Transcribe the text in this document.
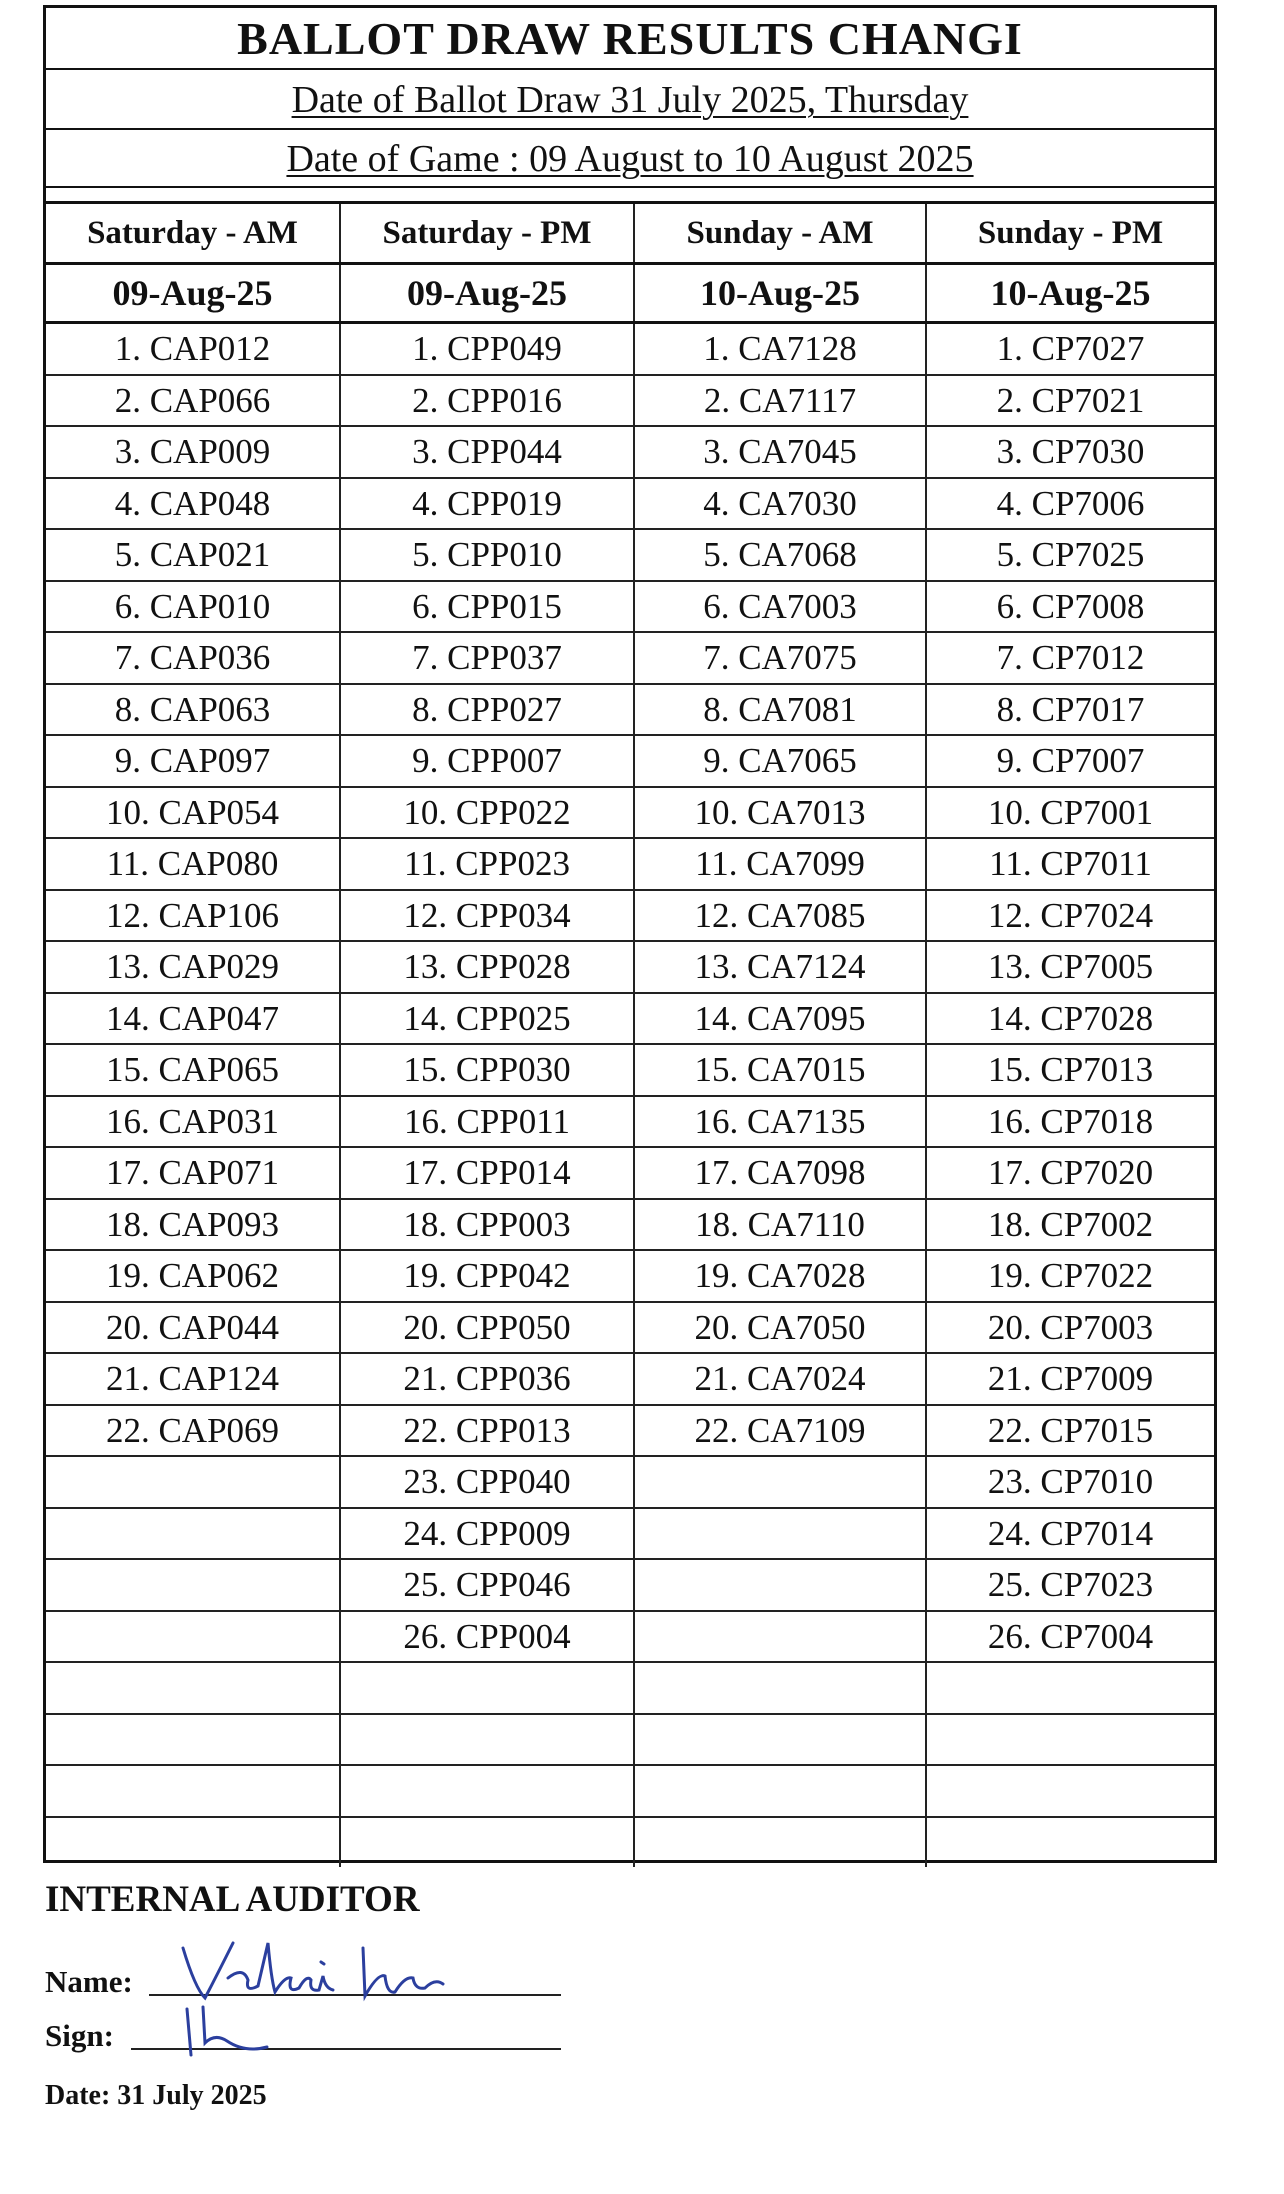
BALLOT DRAW RESULTS CHANGI
Date of Ballot Draw 31 July 2025, Thursday
Date of Game : 09 August to 10 August 2025
Saturday - AM	Saturday - PM	Sunday - AM	Sunday - PM
09-Aug-25	09-Aug-25	10-Aug-25	10-Aug-25
1. CAP012	1. CPP049	1. CA7128	1. CP7027
2. CAP066	2. CPP016	2. CA7117	2. CP7021
3. CAP009	3. CPP044	3. CA7045	3. CP7030
4. CAP048	4. CPP019	4. CA7030	4. CP7006
5. CAP021	5. CPP010	5. CA7068	5. CP7025
6. CAP010	6. CPP015	6. CA7003	6. CP7008
7. CAP036	7. CPP037	7. CA7075	7. CP7012
8. CAP063	8. CPP027	8. CA7081	8. CP7017
9. CAP097	9. CPP007	9. CA7065	9. CP7007
10. CAP054	10. CPP022	10. CA7013	10. CP7001
11. CAP080	11. CPP023	11. CA7099	11. CP7011
12. CAP106	12. CPP034	12. CA7085	12. CP7024
13. CAP029	13. CPP028	13. CA7124	13. CP7005
14. CAP047	14. CPP025	14. CA7095	14. CP7028
15. CAP065	15. CPP030	15. CA7015	15. CP7013
16. CAP031	16. CPP011	16. CA7135	16. CP7018
17. CAP071	17. CPP014	17. CA7098	17. CP7020
18. CAP093	18. CPP003	18. CA7110	18. CP7002
19. CAP062	19. CPP042	19. CA7028	19. CP7022
20. CAP044	20. CPP050	20. CA7050	20. CP7003
21. CAP124	21. CPP036	21. CA7024	21. CP7009
22. CAP069	22. CPP013	22. CA7109	22. CP7015
	23. CPP040		23. CP7010
	24. CPP009		24. CP7014
	25. CPP046		25. CP7023
	26. CPP004		26. CP7004

INTERNAL AUDITOR
Name:
Sign:
Date: 31 July 2025
